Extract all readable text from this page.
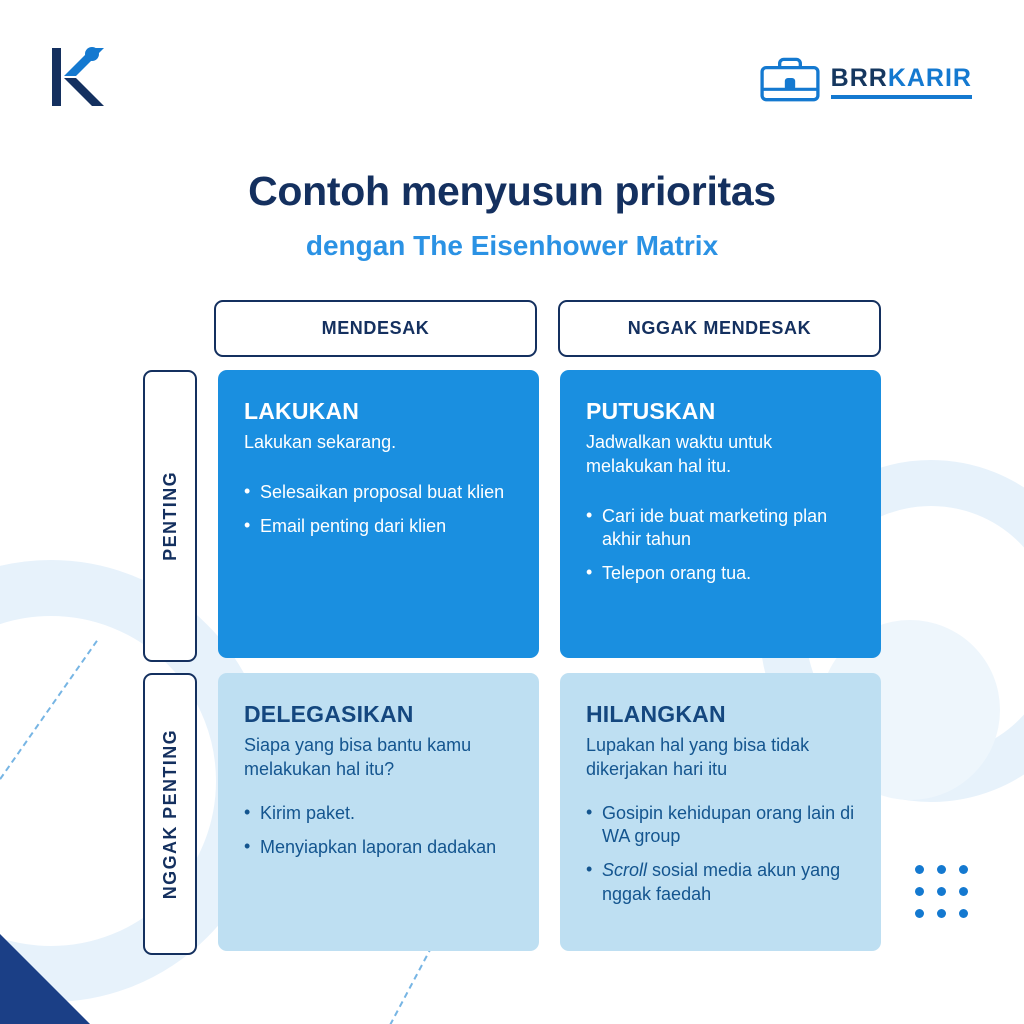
BRRKARIR
Contoh menyusun prioritas
dengan The Eisenhower Matrix
MENDESAK	NGGAK MENDESAK
PENTING
LAKUKAN

Lakukan sekarang.

• Selesaikan proposal buat klien
• Email penting dari klien
PUTUSKAN

Jadwalkan waktu untuk melakukan hal itu.

• Cari ide buat marketing plan akhir tahun
• Telepon orang tua.
NGGAK PENTING
DELEGASIKAN

Siapa yang bisa bantu kamu melakukan hal itu?

• Kirim paket.
• Menyiapkan laporan dadakan
HILANGKAN

Lupakan hal yang bisa tidak dikerjakan hari itu

• Gosipin kehidupan orang lain di WA group
• Scroll sosial media akun yang nggak faedah
